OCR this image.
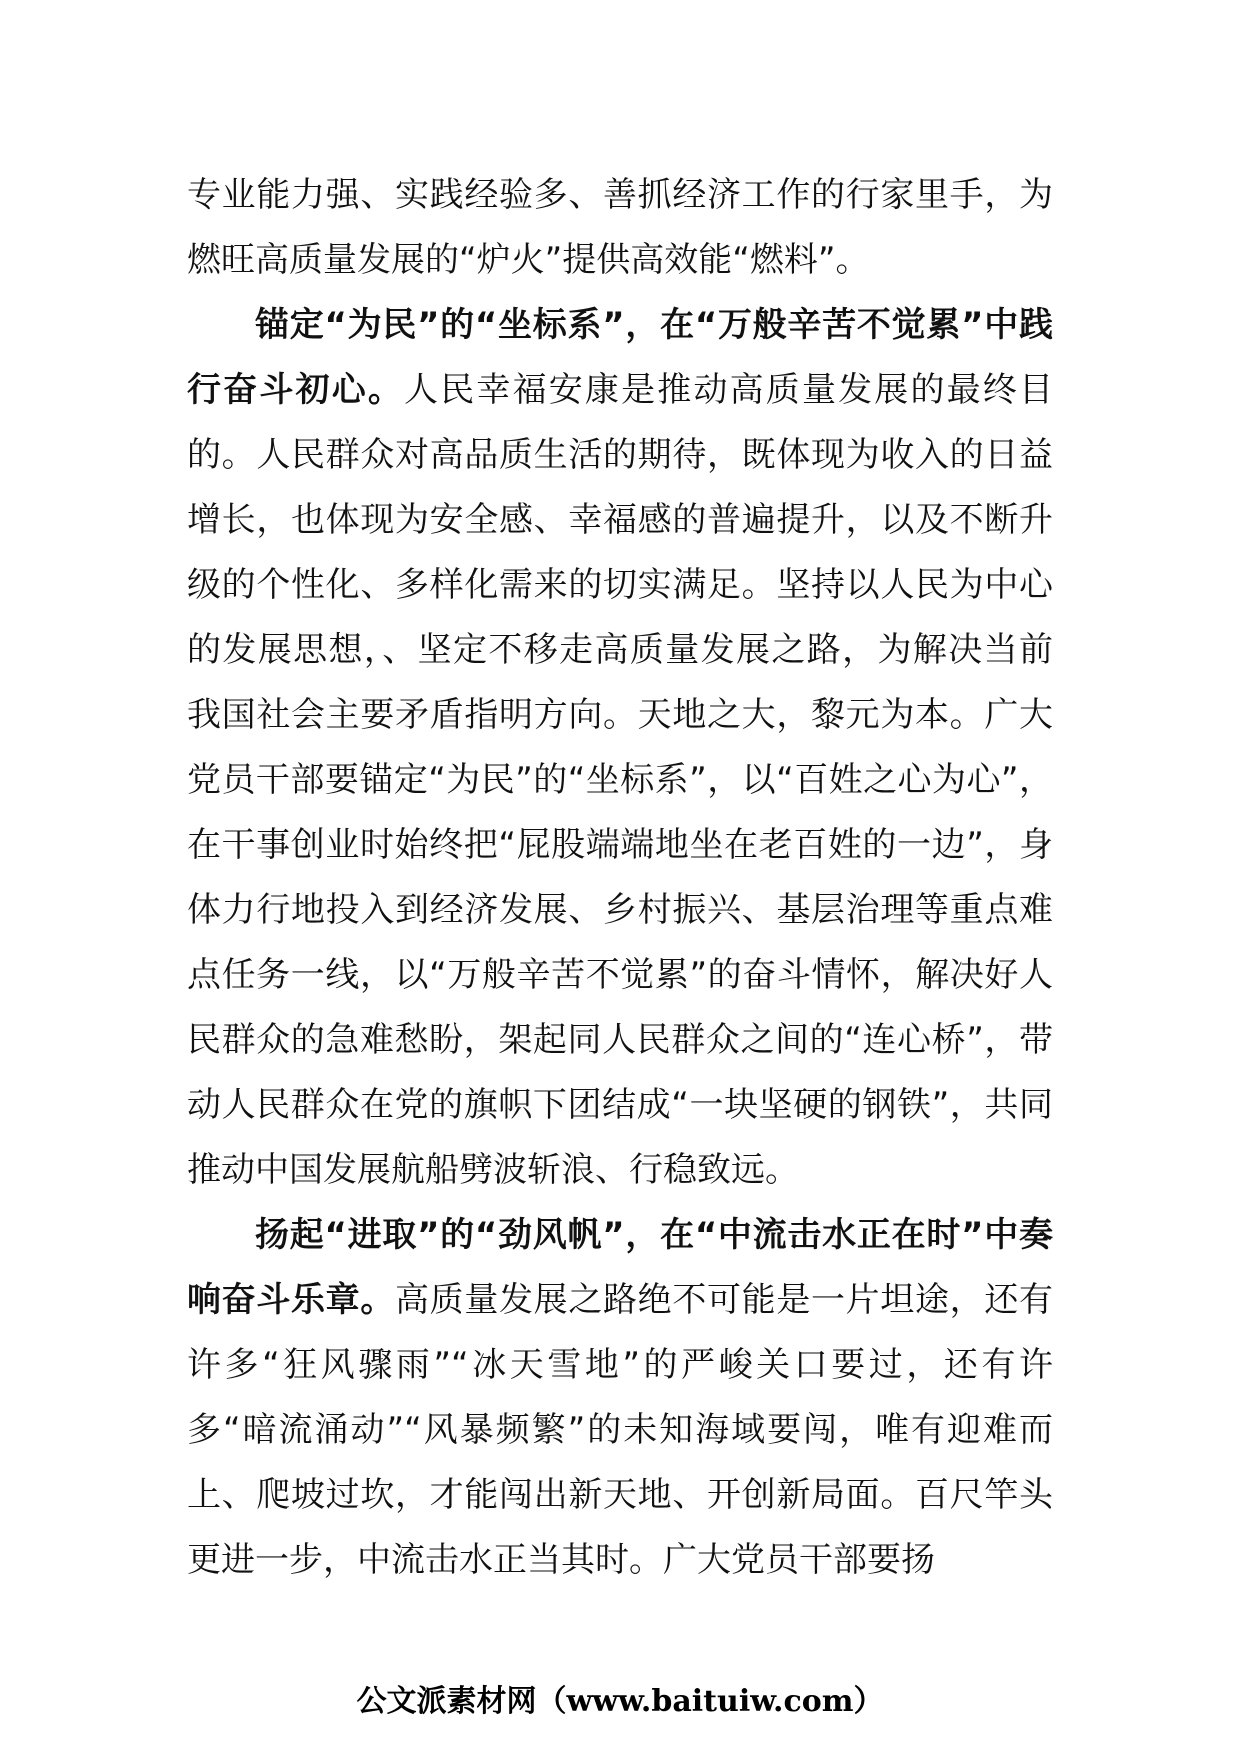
专业能力强、实践经验多、善抓经济工作的行家里手，为燃旺高质量发展的“炉火”提供高效能“燃料”。

锚定“为民”的“坐标系”，在“万般辛苦不觉累”中践行奋斗初心。人民幸福安康是推动高质量发展的最终目的。人民群众对高品质生活的期待，既体现为收入的日益增长，也体现为安全感、幸福感的普遍提升，以及不断升级的个性化、多样化需来的切实满足。坚持以人民为中心的发展思想，、坚定不移走高质量发展之路，为解决当前我国社会主要矛盾指明方向。天地之大，黎元为本。广大党员干部要锚定“为民”的“坐标系”，以“百姓之心为心”，在干事创业时始终把“屁股端端地坐在老百姓的一边”，身体力行地投入到经济发展、乡村振兴、基层治理等重点难点任务一线，以“万般辛苦不觉累”的奋斗情怀，解决好人民群众的急难愁盼，架起同人民群众之间的“连心桥”，带动人民群众在党的旗帜下团结成“一块坚硬的钢铁”，共同推动中国发展航船劈波斩浪、行稳致远。

扬起“进取”的“劲风帆”，在“中流击水正在时”中奏响奋斗乐章。高质量发展之路绝不可能是一片坦途，还有许多“狂风骤雨”“冰天雪地”的严峻关口要过，还有许多“暗流涌动”“风暴频繁”的未知海域要闯，唯有迎难而上、爬坡过坎，才能闯出新天地、开创新局面。百尺竿头更进一步，中流击水正当其时。广大党员干部要扬

公文派素材网（www.baituiw.com）
